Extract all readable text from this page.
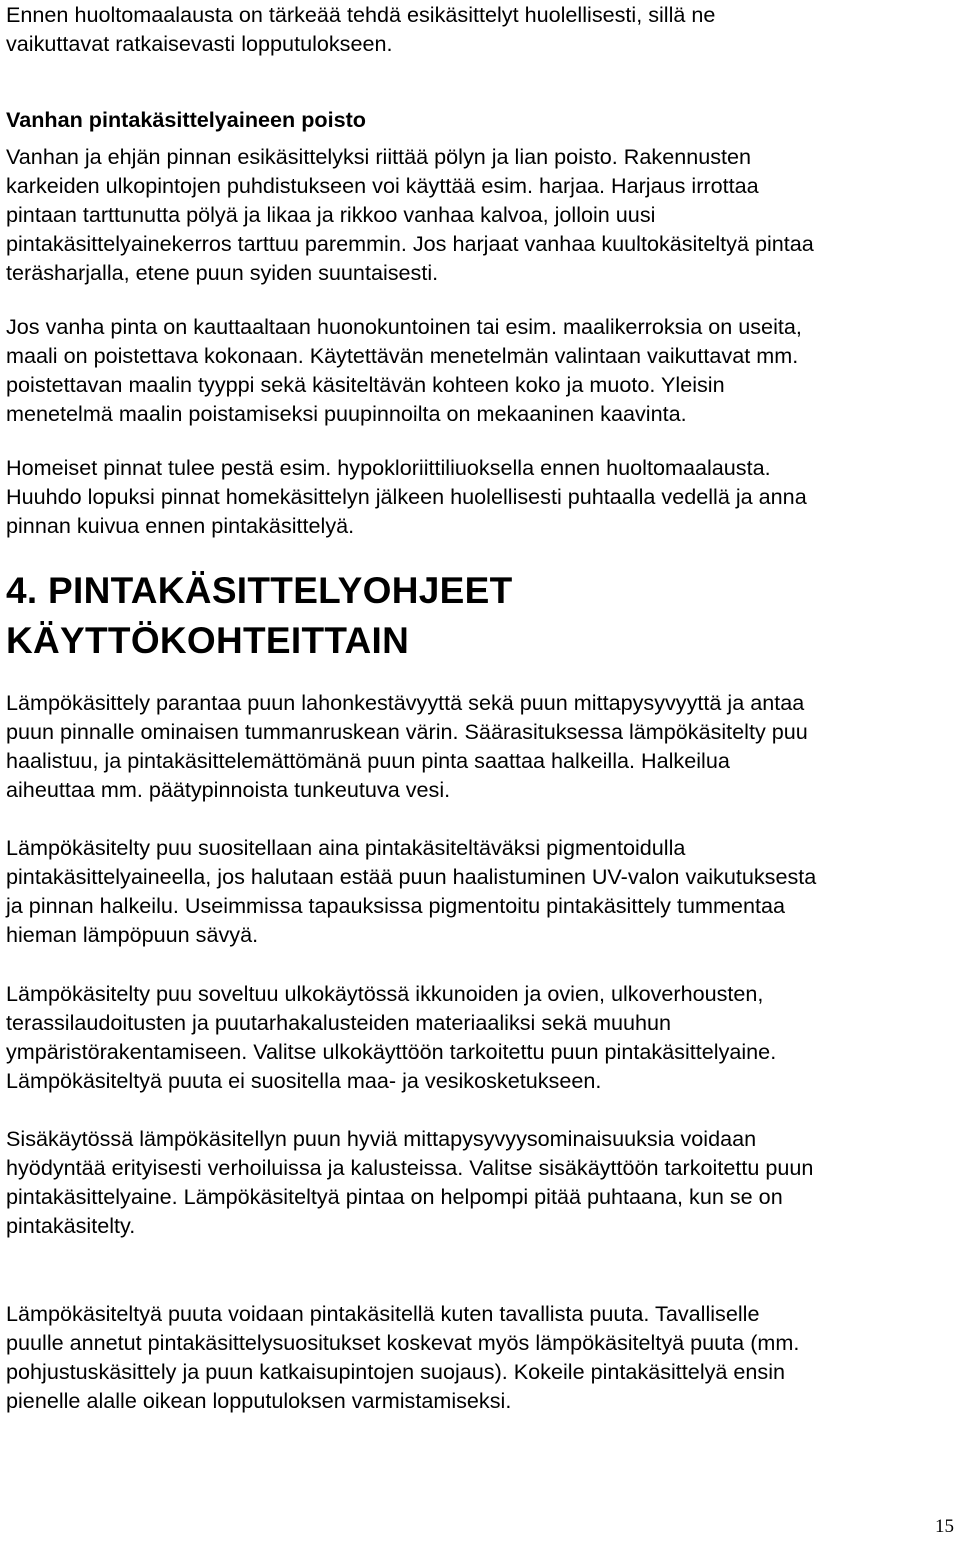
Ennen huoltomaalausta on tärkeää tehdä esikäsittelyt huolellisesti, sillä ne
vaikuttavat ratkaisevasti lopputulokseen.

Vanhan pintakäsittelyaineen poisto

Vanhan ja ehjän pinnan esikäsittelyksi riittää pölyn ja lian poisto. Rakennusten
karkeiden ulkopintojen puhdistukseen voi käyttää esim. harjaa. Harjaus irrottaa
pintaan tarttunutta pölyä ja likaa ja rikkoo vanhaa kalvoa, jolloin uusi
pintakäsittelyainekerros tarttuu paremmin. Jos harjaat vanhaa kuultokäsiteltyä pintaa
teräsharjalla, etene puun syiden suuntaisesti.

Jos vanha pinta on kauttaaltaan huonokuntoinen tai esim. maalikerroksia on useita,
maali on poistettava kokonaan. Käytettävän menetelmän valintaan vaikuttavat mm.
poistettavan maalin tyyppi sekä käsiteltävän kohteen koko ja muoto. Yleisin
menetelmä maalin poistamiseksi puupinnoilta on mekaaninen kaavinta.

Homeiset pinnat tulee pestä esim. hypokloriittiliuoksella ennen huoltomaalausta.
Huuhdo lopuksi pinnat homekäsittelyn jälkeen huolellisesti puhtaalla vedellä ja anna
pinnan kuivua ennen pintakäsittelyä.

4. PINTAKÄSITTELYOHJEET
KÄYTTÖKOHTEITTAIN

Lämpökäsittely parantaa puun lahonkestävyyttä sekä puun mittapysyvyyttä ja antaa
puun pinnalle ominaisen tummanruskean värin. Säärasituksessa lämpökäsitelty puu
haalistuu, ja pintakäsittelemättömänä puun pinta saattaa halkeilla. Halkeilua
aiheuttaa mm. päätypinnoista tunkeutuva vesi.

Lämpökäsitelty puu suositellaan aina pintakäsiteltäväksi pigmentoidulla
pintakäsittelyaineella, jos halutaan estää puun haalistuminen UV-valon vaikutuksesta
ja pinnan halkeilu. Useimmissa tapauksissa pigmentoitu pintakäsittely tummentaa
hieman lämpöpuun sävyä.

Lämpökäsitelty puu soveltuu ulkokäytössä ikkunoiden ja ovien, ulkoverhousten,
terassilaudoitusten ja puutarhakalusteiden materiaaliksi sekä muuhun
ympäristörakentamiseen. Valitse ulkokäyttöön tarkoitettu puun pintakäsittelyaine.
Lämpökäsiteltyä puuta ei suositella maa- ja vesikosketukseen.

Sisäkäytössä lämpökäsitellyn puun hyviä mittapysyvyysominaisuuksia voidaan
hyödyntää erityisesti verhoiluissa ja kalusteissa. Valitse sisäkäyttöön tarkoitettu puun
pintakäsittelyaine. Lämpökäsiteltyä pintaa on helpompi pitää puhtaana, kun se on
pintakäsitelty.

Lämpökäsiteltyä puuta voidaan pintakäsitellä kuten tavallista puuta. Tavalliselle
puulle annetut pintakäsittelysuositukset koskevat myös lämpökäsiteltyä puuta (mm.
pohjustuskäsittely ja puun katkaisupintojen suojaus). Kokeile pintakäsittelyä ensin
pienelle alalle oikean lopputuloksen varmistamiseksi.

15
